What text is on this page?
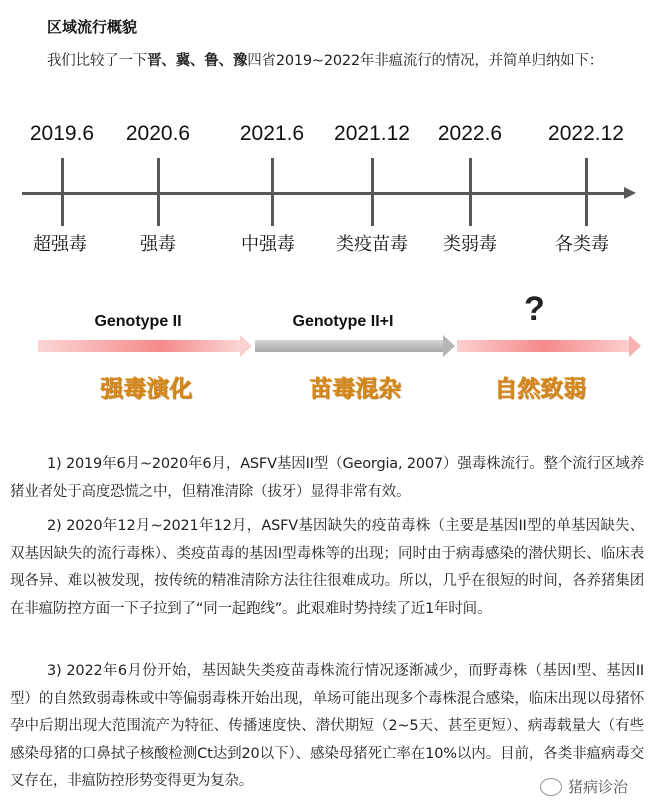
区域流行概貌
我们比较了一下晋、冀、鲁、豫四省2019~2022年非瘟流行的情况，并简单归纳如下：
2019.6 2020.6 2021.6 2021.12 2022.6 2022.12
超强毒	强毒	中强毒 类疫苗毒 类弱毒	各类毒
Genotype II	Genotype II+I	?
强毒演化	苗毒混杂	自然致弱
1) 2019年6月~2020年6月，ASFV基因II型（Georgia, 2007）强毒株流行。整个流行区域养猪业者处于高度恐慌之中，但精准清除（拔牙）显得非常有效。
2) 2020年12月~2021年12月，ASFV基因缺失的疫苗毒株（主要是基因II型的单基因缺失、双基因缺失的流行毒株）、类疫苗毒的基因I型毒株等的出现；同时由于病毒感染的潜伏期长、临床表现各异、难以被发现，按传统的精准清除方法往往很难成功。所以，几乎在很短的时间，各养猪集团在非瘟防控方面一下子拉到了“同一起跑线”。此艰难时势持续了近1年时间。
3) 2022年6月份开始，基因缺失类疫苗毒株流行情况逐渐减少，而野毒株（基因I型、基因II型）的自然致弱毒株或中等偏弱毒株开始出现，单场可能出现多个毒株混合感染，临床出现以母猪怀孕中后期出现大范围流产为特征、传播速度快、潜伏期短（2~5天、甚至更短）、病毒载量大（有些感染母猪的口鼻拭子核酸检测Ct达到20以下）、感染母猪死亡率在10%以内。目前，各类非瘟病毒交叉存在，非瘟防控形势变得更为复杂。	猪病诊治
